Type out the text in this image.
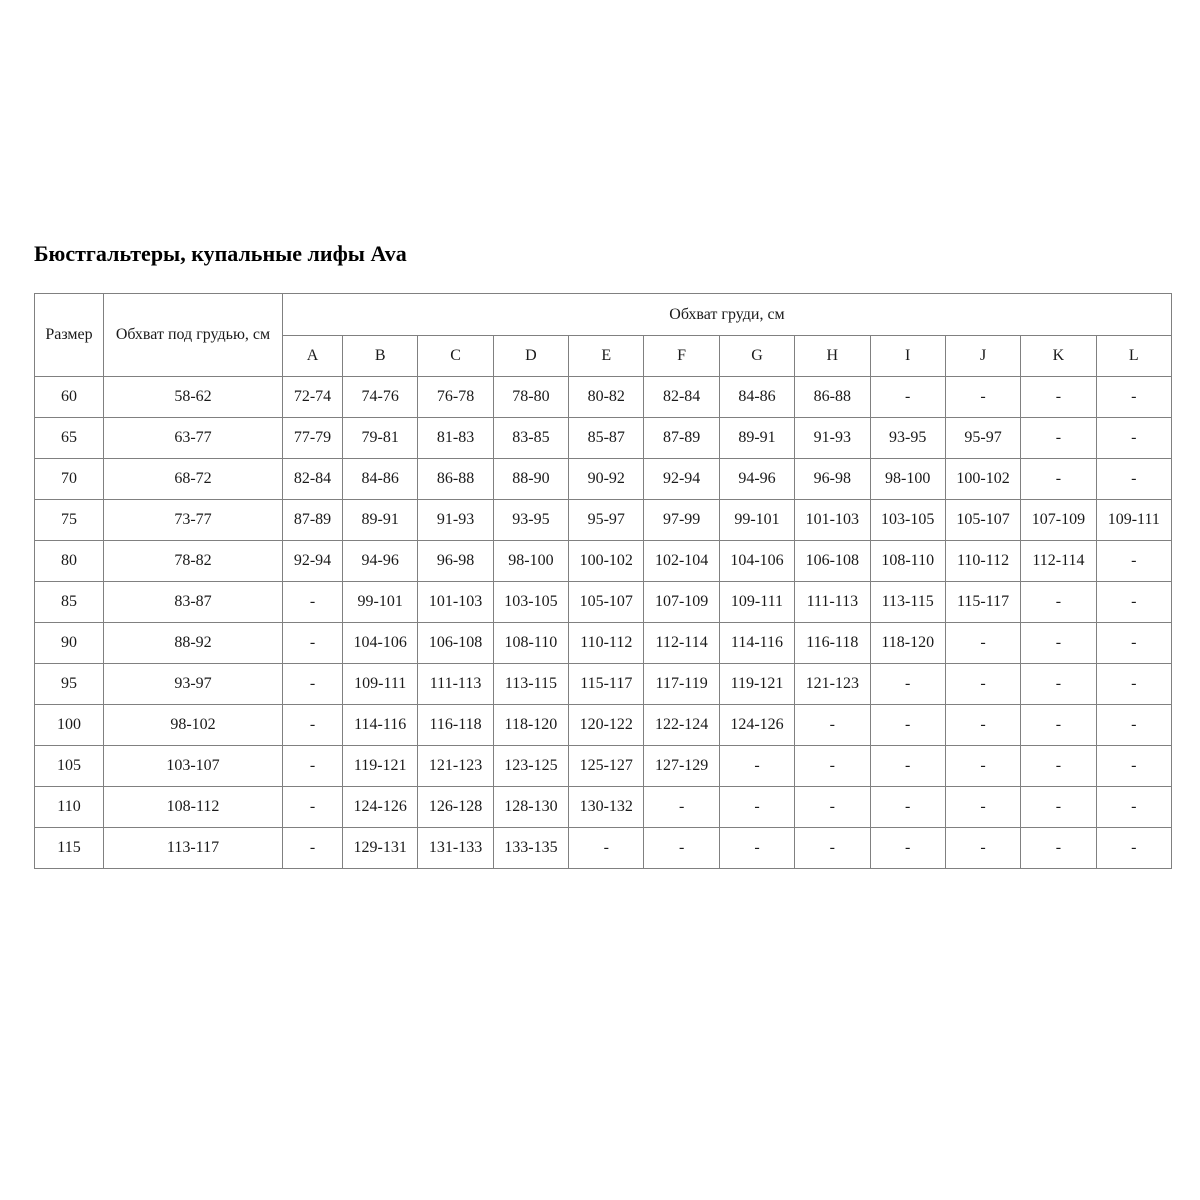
Бюстгальтеры, купальные лифы Ava
Размер	Обхват под грудью, см	Обхват груди, см											
		A	B	C	D	E	F	G	H	I	J	K	L
60	58-62	72-74	74-76	76-78	78-80	80-82	82-84	84-86	86-88	-	-	-	-
65	63-77	77-79	79-81	81-83	83-85	85-87	87-89	89-91	91-93	93-95	95-97	-	-
70	68-72	82-84	84-86	86-88	88-90	90-92	92-94	94-96	96-98	98-100	100-102	-	-
75	73-77	87-89	89-91	91-93	93-95	95-97	97-99	99-101	101-103	103-105	105-107	107-109	109-111
80	78-82	92-94	94-96	96-98	98-100	100-102	102-104	104-106	106-108	108-110	110-112	112-114	-
85	83-87	-	99-101	101-103	103-105	105-107	107-109	109-111	111-113	113-115	115-117	-	-
90	88-92	-	104-106	106-108	108-110	110-112	112-114	114-116	116-118	118-120	-	-	-
95	93-97	-	109-111	111-113	113-115	115-117	117-119	119-121	121-123	-	-	-	-
100	98-102	-	114-116	116-118	118-120	120-122	122-124	124-126	-	-	-	-	-
105	103-107	-	119-121	121-123	123-125	125-127	127-129	-	-	-	-	-	-
110	108-112	-	124-126	126-128	128-130	130-132	-	-	-	-	-	-	-
115	113-117	-	129-131	131-133	133-135	-	-	-	-	-	-	-	-
